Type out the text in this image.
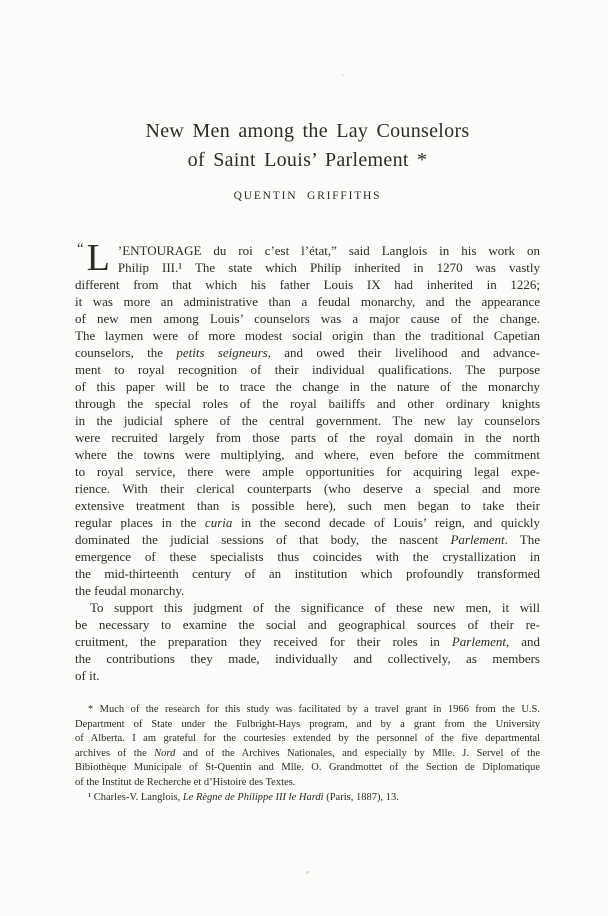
New Men among the Lay Counselors
of Saint Louis’ Parlement *
QUENTIN GRIFFITHS
“ L ’ENTOURAGE du roi c’est l’état,” said Langlois in his work on
Philip III.¹ The state which Philip inherited in 1270 was vastly
different from that which his father Louis IX had inherited in 1226;
it was more an administrative than a feudal monarchy, and the appearance
of new men among Louis’ counselors was a major cause of the change.
The laymen were of more modest social origin than the traditional Capetian
counselors, the petits seigneurs, and owed their livelihood and advance-
ment to royal recognition of their individual qualifications. The purpose
of this paper will be to trace the change in the nature of the monarchy
through the special roles of the royal bailiffs and other ordinary knights
in the judicial sphere of the central government. The new lay counselors
were recruited largely from those parts of the royal domain in the north
where the towns were multiplying, and where, even before the commitment
to royal service, there were ample opportunities for acquiring legal expe-
rience. With their clerical counterparts (who deserve a special and more
extensive treatment than is possible here), such men began to take their
regular places in the curia in the second decade of Louis’ reign, and quickly
dominated the judicial sessions of that body, the nascent Parlement. The
emergence of these specialists thus coincides with the crystallization in
the mid-thirteenth century of an institution which profoundly transformed
the feudal monarchy.
To support this judgment of the significance of these new men, it will
be necessary to examine the social and geographical sources of their re-
cruitment, the preparation they received for their roles in Parlement, and
the contributions they made, individually and collectively, as members
of it.
* Much of the research for this study was facilitated by a travel grant in 1966 from the U.S.
Department of State under the Fulbright-Hays program, and by a grant from the University
of Alberta. I am grateful for the courtesies extended by the personnel of the five departmental
archives of the Nord and of the Archives Nationales, and especially by Mlle. J. Servel of the
Bibiothèque Municipale of St-Quentin and Mlle. O. Grandmottet of the Section de Diplomatique
of the Institut de Recherche et d’Histoire des Textes.
¹ Charles-V. Langlois, Le Règne de Philippe III le Hardi (Paris, 1887), 13.
